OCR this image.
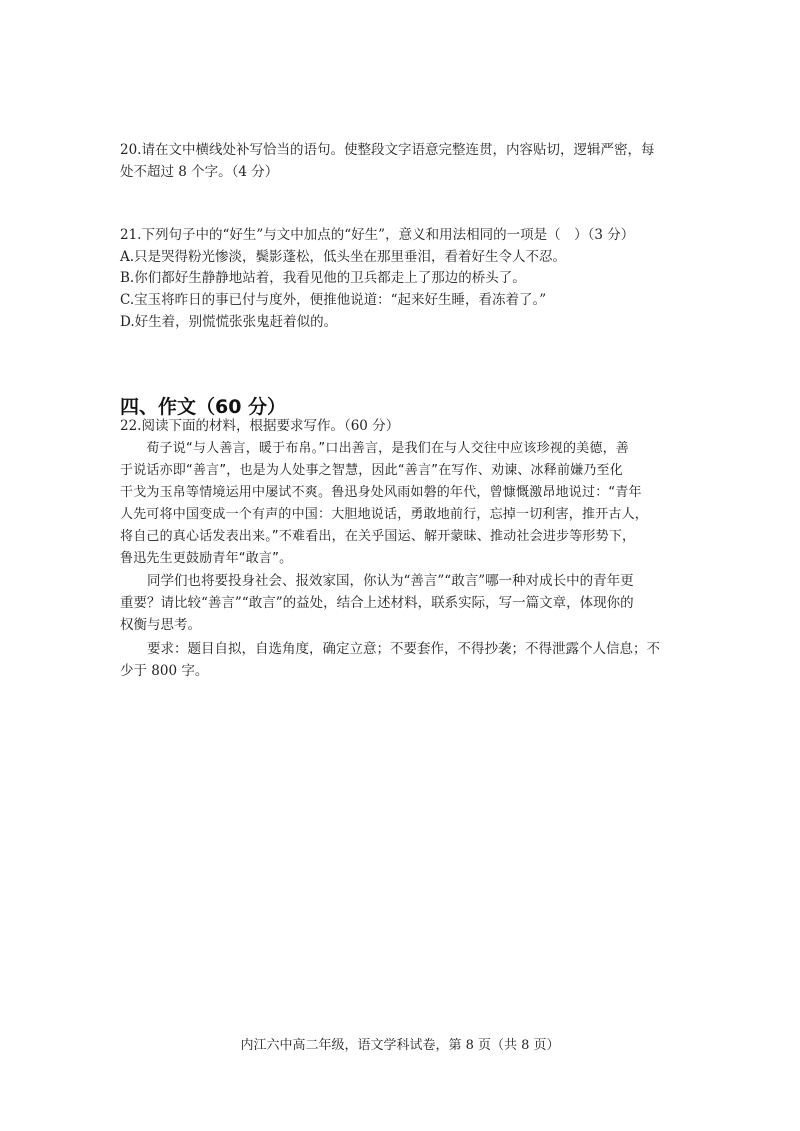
20.请在文中横线处补写恰当的语句。使整段文字语意完整连贯，内容贴切，逻辑严密，每
处不超过 8 个字。（4 分）
21.下列句子中的“好生”与文中加点的“好生”，意义和用法相同的一项是（　）（3 分）
A.只是哭得粉光惨淡，鬓影蓬松，低头坐在那里垂泪，看着好生令人不忍。
B.你们都好生静静地站着，我看见他的卫兵都走上了那边的桥头了。
C.宝玉将昨日的事已付与度外，便推他说道：“起来好生睡，看冻着了。”
D.好生着，别慌慌张张鬼赶着似的。
四、作文（60 分）
22.阅读下面的材料，根据要求写作。（60 分）
　　荀子说“与人善言，暖于布帛。”口出善言，是我们在与人交往中应该珍视的美德，善
于说话亦即“善言”，也是为人处事之智慧，因此“善言”在写作、劝谏、冰释前嫌乃至化
干戈为玉帛等情境运用中屡试不爽。鲁迅身处风雨如磐的年代，曾慷慨激昂地说过：“青年
人先可将中国变成一个有声的中国：大胆地说话，勇敢地前行，忘掉一切利害，推开古人，
将自己的真心话发表出来。”不难看出，在关乎国运、解开蒙昧、推动社会进步等形势下，
鲁迅先生更鼓励青年“敢言”。
　　同学们也将要投身社会、报效家国，你认为“善言”“敢言”哪一种对成长中的青年更
重要？请比较“善言”“敢言”的益处，结合上述材料，联系实际，写一篇文章，体现你的
权衡与思考。
　　要求：题目自拟，自选角度，确定立意；不要套作，不得抄袭；不得泄露个人信息；不
少于 800 字。
内江六中高二年级，语文学科试卷，第 8 页（共 8 页）
